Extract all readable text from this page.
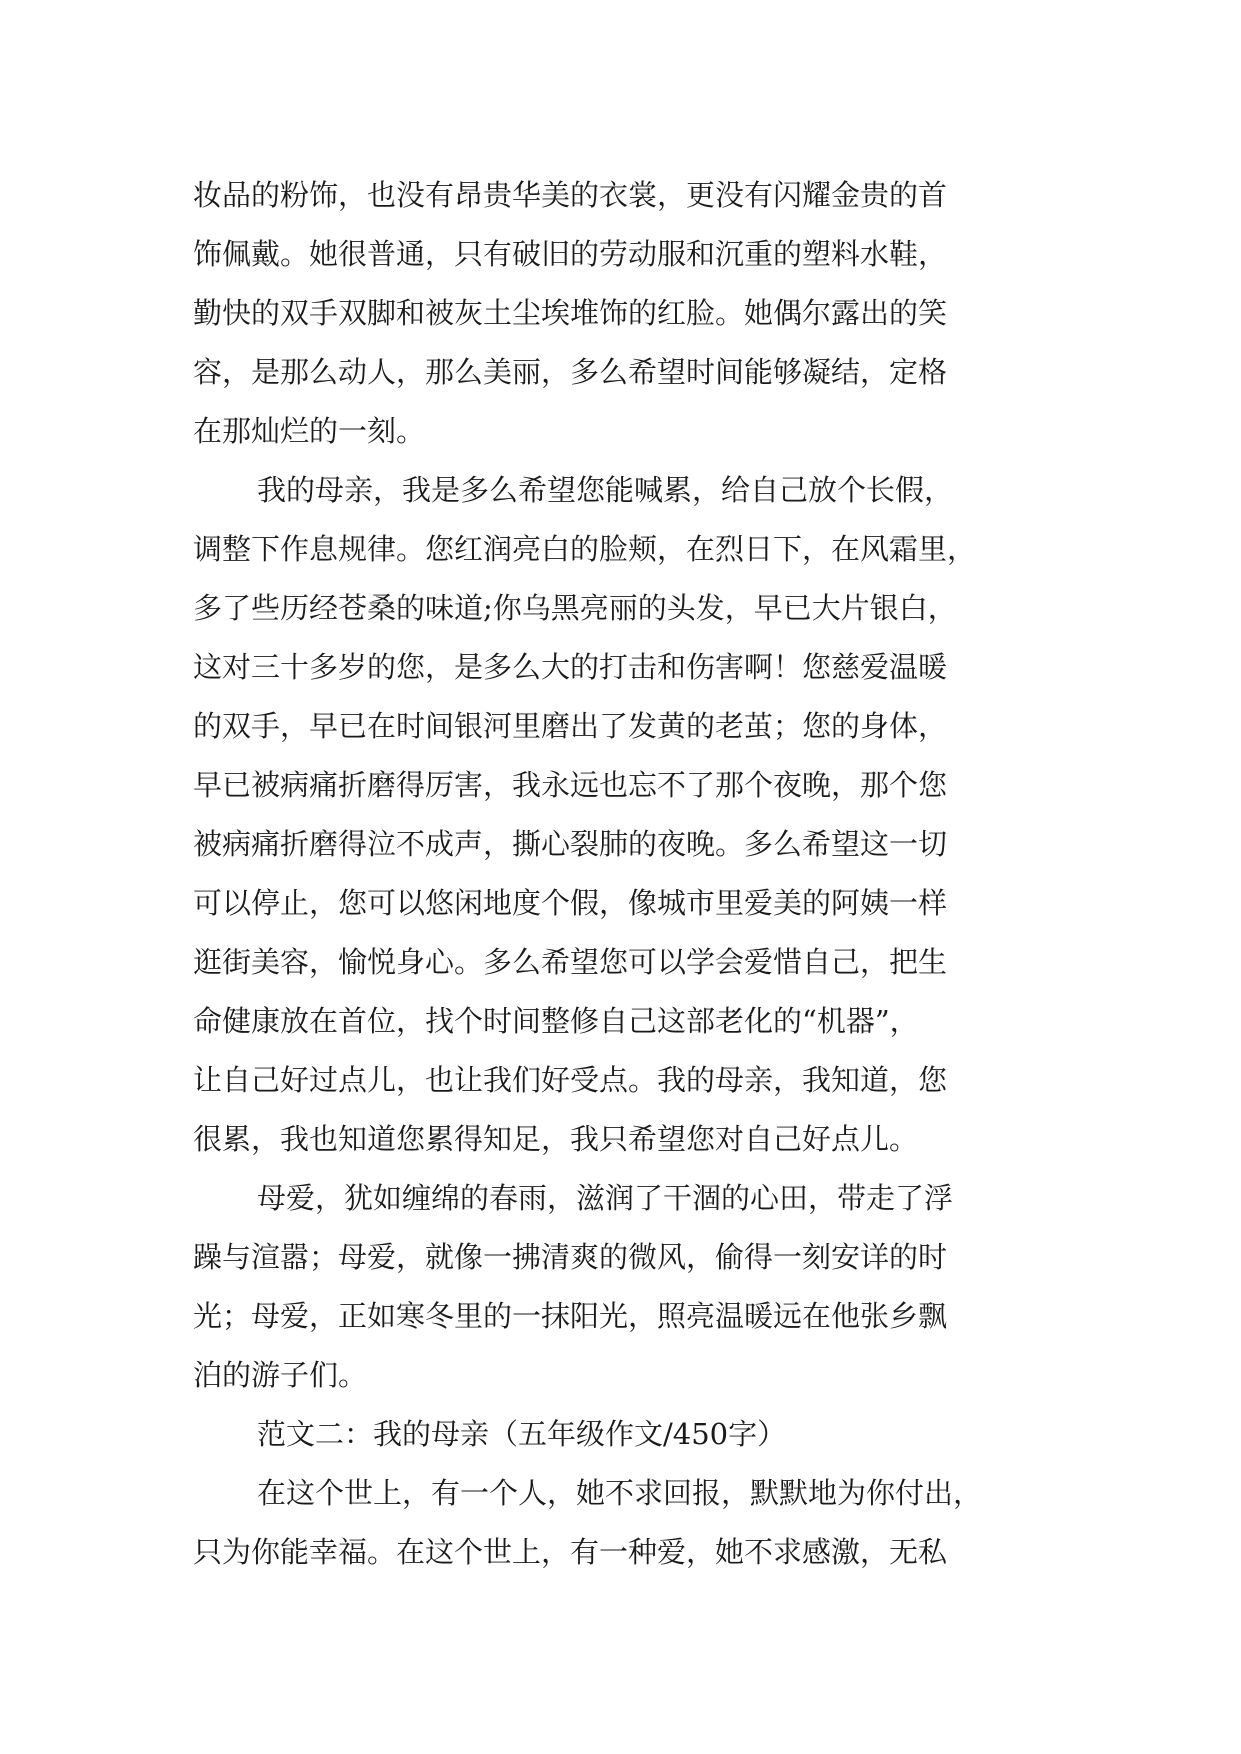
妆品的粉饰，也没有昂贵华美的衣裳，更没有闪耀金贵的首
饰佩戴。她很普通，只有破旧的劳动服和沉重的塑料水鞋，
勤快的双手双脚和被灰土尘埃堆饰的红脸。她偶尔露出的笑
容，是那么动人，那么美丽，多么希望时间能够凝结，定格
在那灿烂的一刻。
我的母亲，我是多么希望您能喊累，给自己放个长假，
调整下作息规律。您红润亮白的脸颊，在烈日下，在风霜里，
多了些历经苍桑的味道;你乌黑亮丽的头发，早已大片银白，
这对三十多岁的您，是多么大的打击和伤害啊！您慈爱温暖
的双手，早已在时间银河里磨出了发黄的老茧；您的身体，
早已被病痛折磨得厉害，我永远也忘不了那个夜晚，那个您
被病痛折磨得泣不成声，撕心裂肺的夜晚。多么希望这一切
可以停止，您可以悠闲地度个假，像城市里爱美的阿姨一样
逛街美容，愉悦身心。多么希望您可以学会爱惜自己，把生
命健康放在首位，找个时间整修自己这部老化的“机器”，
让自己好过点儿，也让我们好受点。我的母亲，我知道，您
很累，我也知道您累得知足，我只希望您对自己好点儿。
母爱，犹如缠绵的春雨，滋润了干涸的心田，带走了浮
躁与渲嚣；母爱，就像一拂清爽的微风，偷得一刻安详的时
光；母爱，正如寒冬里的一抹阳光，照亮温暖远在他张乡飘
泊的游子们。
范文二：我的母亲（五年级作文/450字）
在这个世上，有一个人，她不求回报，默默地为你付出，
只为你能幸福。在这个世上，有一种爱，她不求感激，无私
